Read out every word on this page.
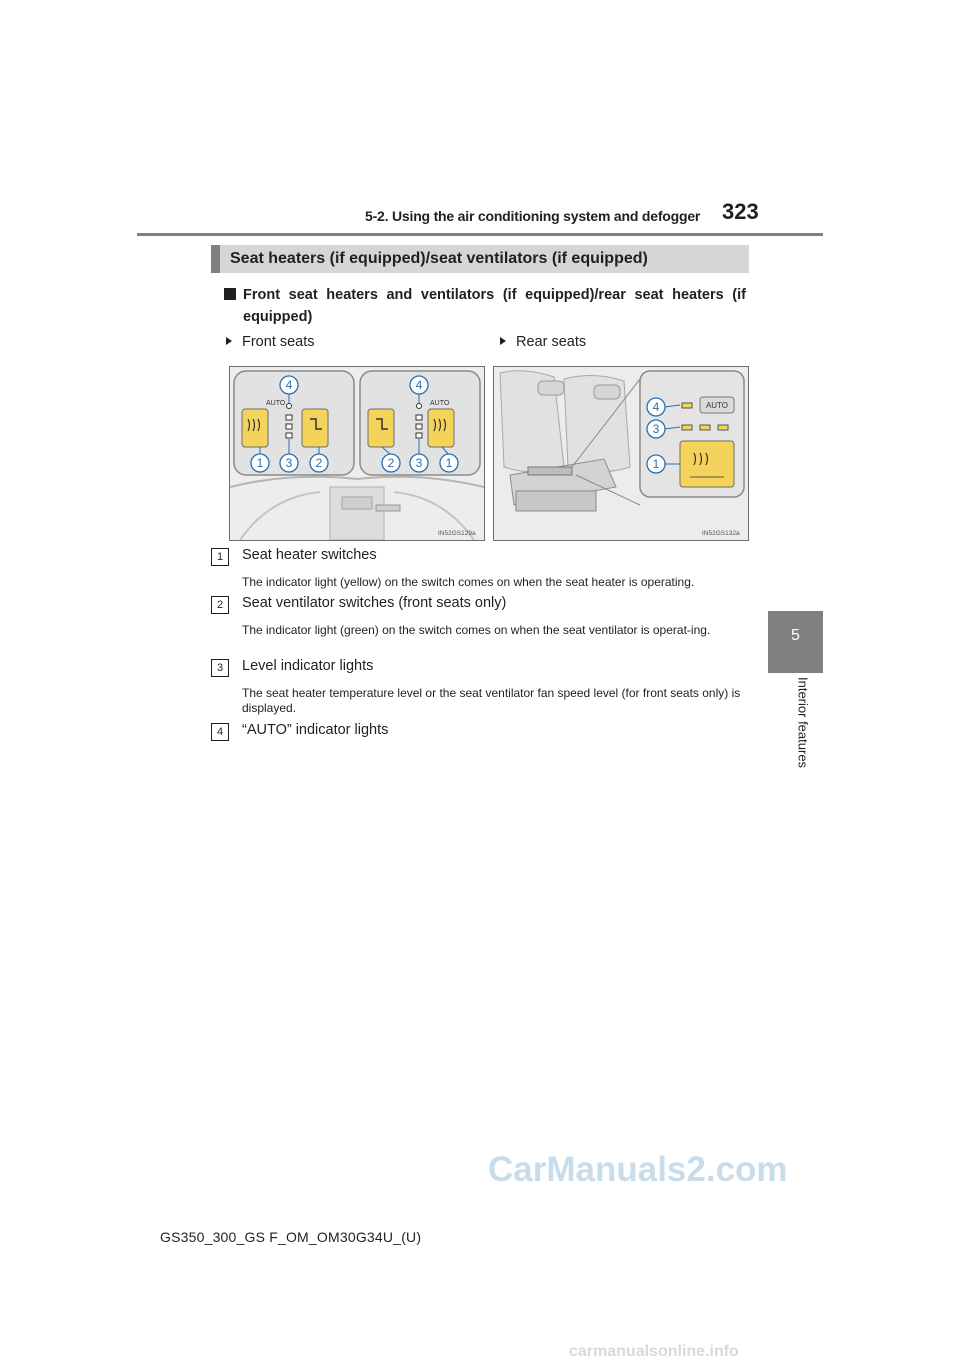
5-2. Using the air conditioning system and defogger 323
5
Interior features
Seat heaters (if equipped)/seat ventilators (if equipped)
Front seat heaters and ventilators (if equipped)/rear seat heaters (if equipped)
Front seats	Rear seats
AUTO	AUTO
4	4
1 3 2	2 3 1
IN52GS129a
AUTO
4
3
1
IN52GS132a
1	Seat heater switches
The indicator light (yellow) on the switch comes on when the seat heater is operating.
2	Seat ventilator switches (front seats only)
The indicator light (green) on the switch comes on when the seat ventilator is operat-ing.
3	Level indicator lights
The seat heater temperature level or the seat ventilator fan speed level (for front seats only) is displayed.
4	“AUTO” indicator lights
CarManuals2.com
GS350_300_GS F_OM_OM30G34U_(U)
carmanualsonline.info
